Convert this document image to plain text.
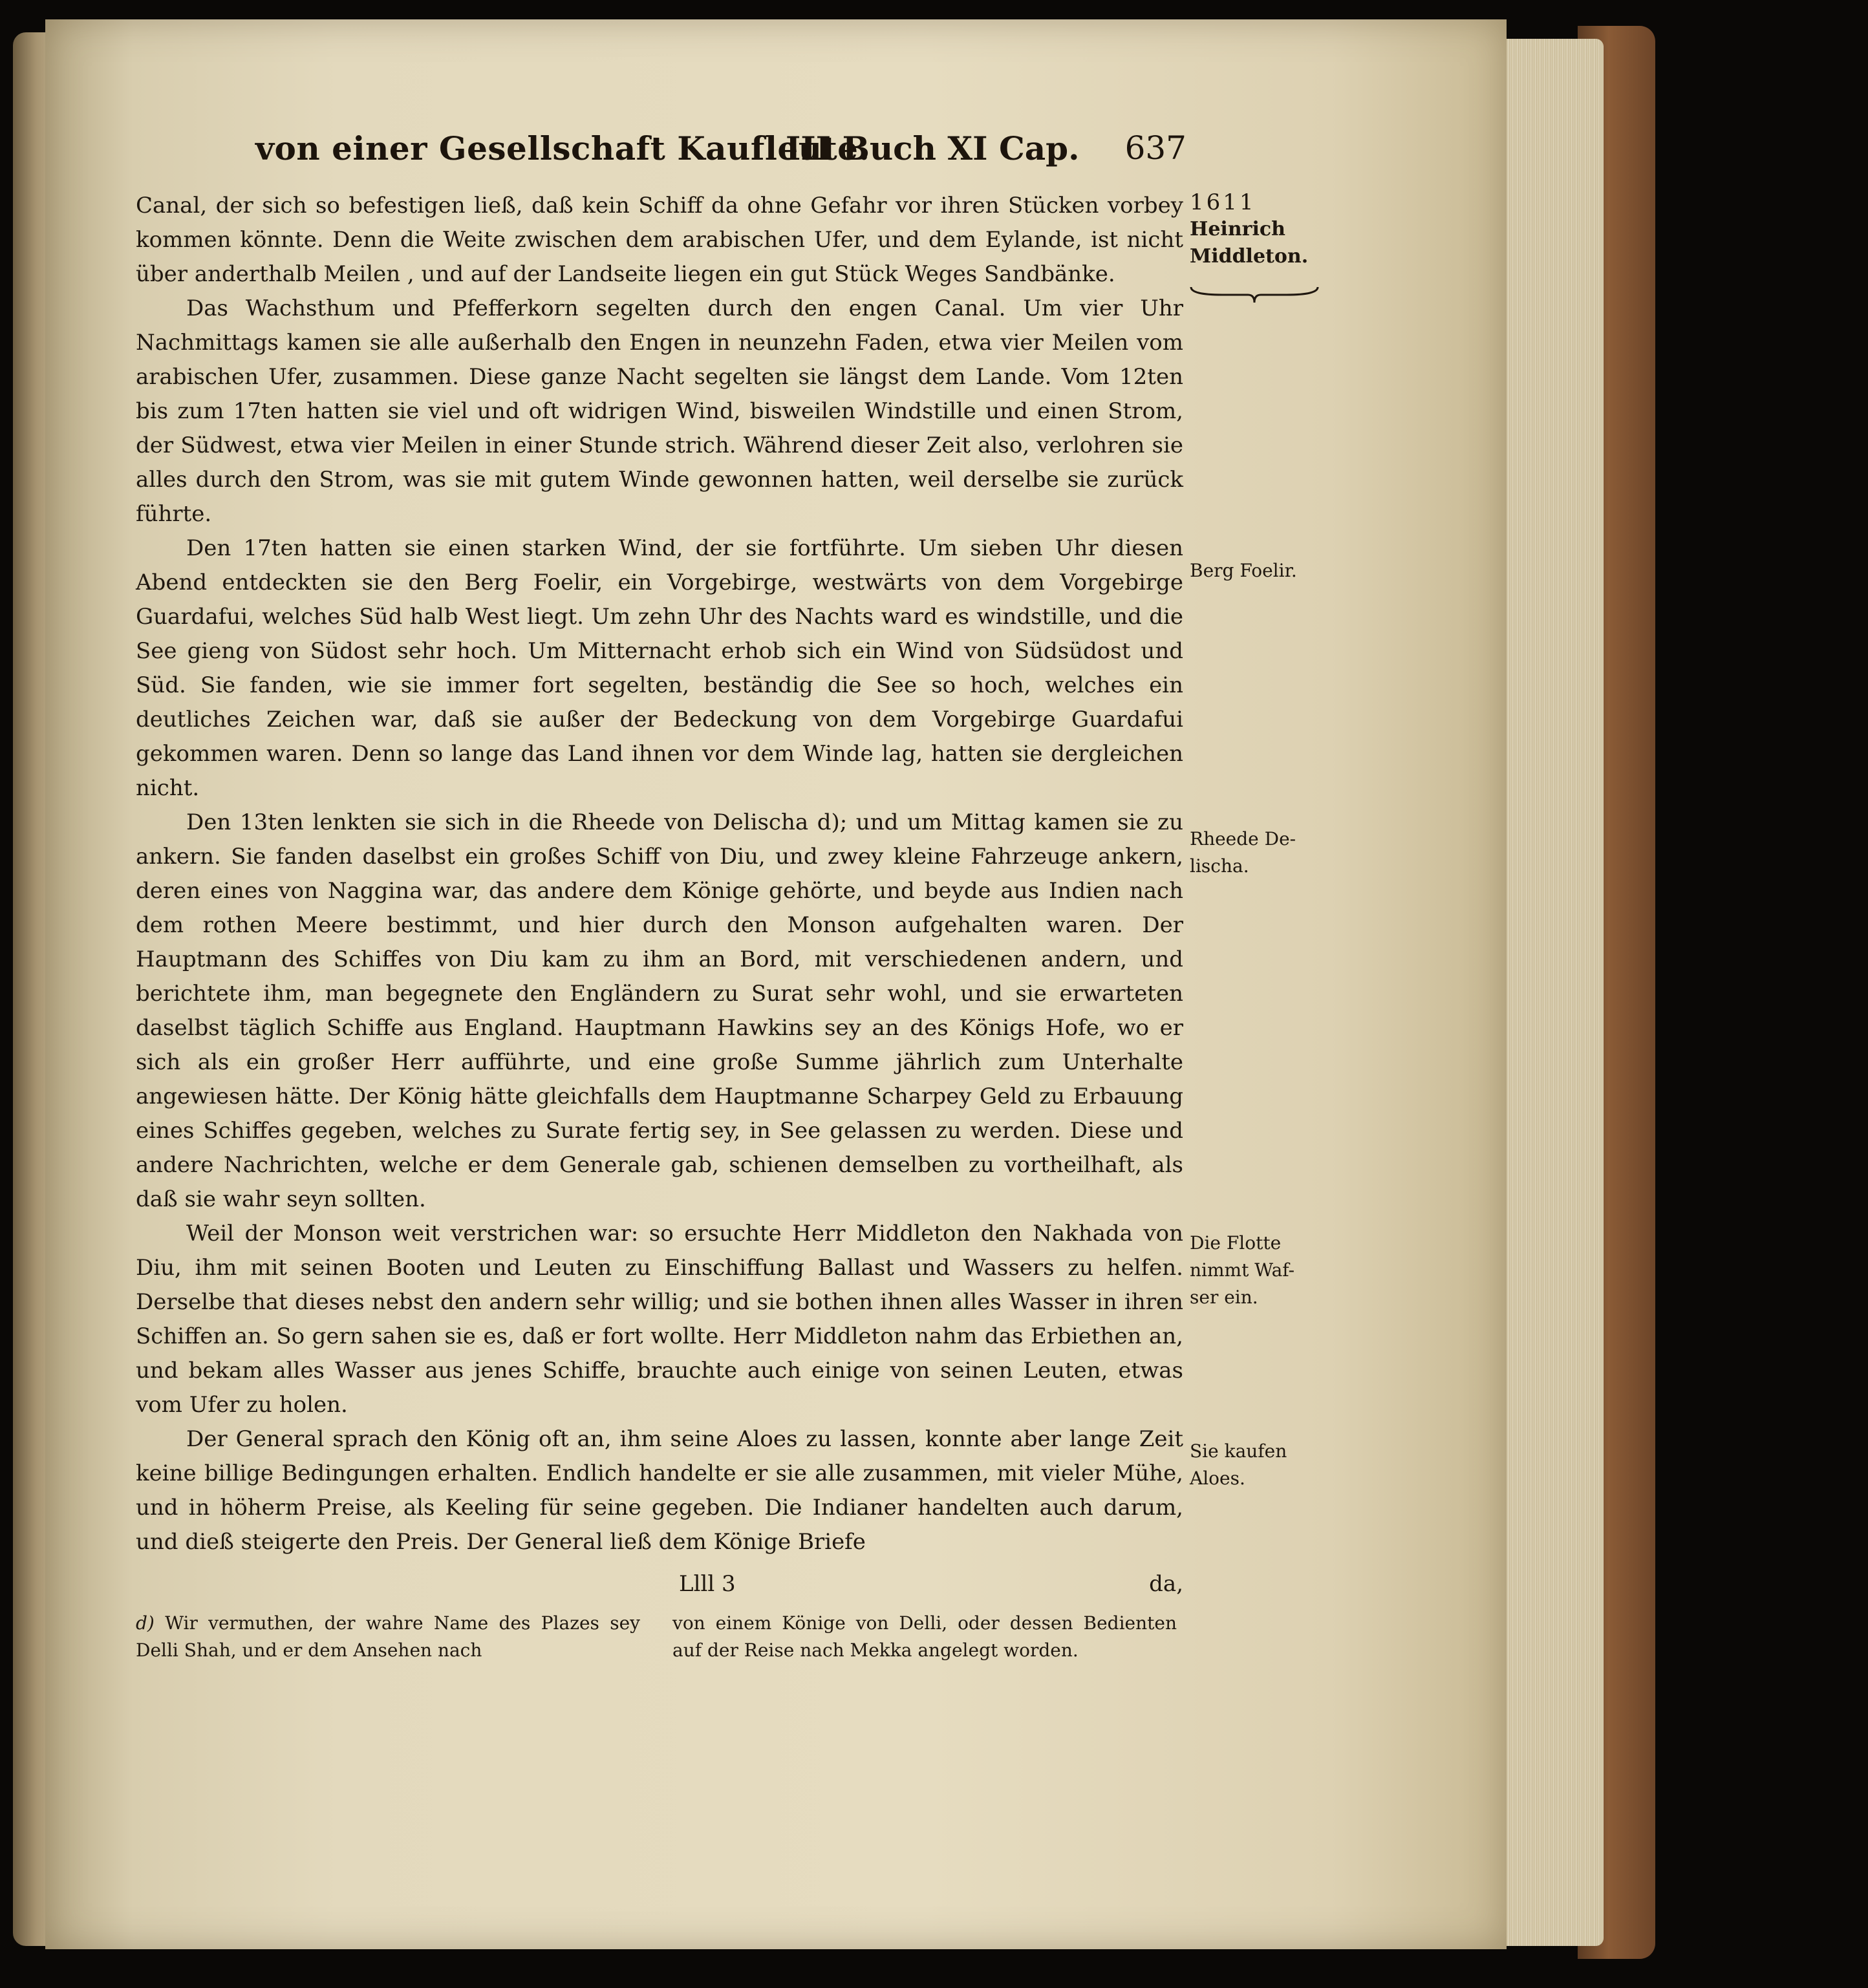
von einer Gesellschaft Kaufleute.
III Buch XI Cap. 637

Canal, der sich so befestigen ließ, daß kein Schiff da ohne Gefahr vor ihren Stücken vorbey kommen könnte. Denn die Weite zwischen dem arabischen Ufer, und dem Eylande, ist nicht über anderthalb Meilen , und auf der Landseite liegen ein gut Stück Weges Sandbänke.

Das Wachsthum und Pfefferkorn segelten durch den engen Canal. Um vier Uhr Nachmittags kamen sie alle außerhalb den Engen in neunzehn Faden, etwa vier Meilen vom arabischen Ufer, zusammen. Diese ganze Nacht segelten sie längst dem Lande. Vom 12ten bis zum 17ten hatten sie viel und oft widrigen Wind, bisweilen Windstille und einen Strom, der Südwest, etwa vier Meilen in einer Stunde strich. Während dieser Zeit also, verlohren sie alles durch den Strom, was sie mit gutem Winde gewonnen hatten, weil derselbe sie zurück führte.

Den 17ten hatten sie einen starken Wind, der sie fortführte. Um sieben Uhr diesen Abend entdeckten sie den Berg Foelir, ein Vorgebirge, westwärts von dem Vorgebirge Guardafui, welches Süd halb West liegt. Um zehn Uhr des Nachts ward es windstille, und die See gieng von Südost sehr hoch. Um Mitternacht erhob sich ein Wind von Südsüdost und Süd. Sie fanden, wie sie immer fort segelten, beständig die See so hoch, welches ein deutliches Zeichen war, daß sie außer der Bedeckung von dem Vorgebirge Guardafui gekommen waren. Denn so lange das Land ihnen vor dem Winde lag, hatten sie dergleichen nicht.

Den 13ten lenkten sie sich in die Rheede von Delischa d); und um Mittag kamen sie zu ankern. Sie fanden daselbst ein großes Schiff von Diu, und zwey kleine Fahrzeuge ankern, deren eines von Naggina war, das andere dem Könige gehörte, und beyde aus Indien nach dem rothen Meere bestimmt, und hier durch den Monson aufgehalten waren. Der Hauptmann des Schiffes von Diu kam zu ihm an Bord, mit verschiedenen andern, und berichtete ihm, man begegnete den Engländern zu Surat sehr wohl, und sie erwarteten daselbst täglich Schiffe aus England. Hauptmann Hawkins sey an des Königs Hofe, wo er sich als ein großer Herr aufführte, und eine große Summe jährlich zum Unterhalte angewiesen hätte. Der König hätte gleichfalls dem Hauptmanne Scharpey Geld zu Erbauung eines Schiffes gegeben, welches zu Surate fertig sey, in See gelassen zu werden. Diese und andere Nachrichten, welche er dem Generale gab, schienen demselben zu vortheilhaft, als daß sie wahr seyn sollten.

Weil der Monson weit verstrichen war: so ersuchte Herr Middleton den Nakhada von Diu, ihm mit seinen Booten und Leuten zu Einschiffung Ballast und Wassers zu helfen. Derselbe that dieses nebst den andern sehr willig; und sie bothen ihnen alles Wasser in ihren Schiffen an. So gern sahen sie es, daß er fort wollte. Herr Middleton nahm das Erbiethen an, und bekam alles Wasser aus jenes Schiffe, brauchte auch einige von seinen Leuten, etwas vom Ufer zu holen.

Der General sprach den König oft an, ihm seine Aloes zu lassen, konnte aber lange Zeit keine billige Bedingungen erhalten. Endlich handelte er sie alle zusammen, mit vieler Mühe, und in höherm Preise, als Keeling für seine gegeben. Die Indianer handelten auch darum, und dieß steigerte den Preis. Der General ließ dem Könige Briefe

1611
Heinrich
Middleton.
Berg Foelir.
Rheede De-
lischa.
Die Flotte
nimmt Waf-
ser ein.
Sie kaufen
Aloes.
Llll 3	da,
d) Wir vermuthen, der wahre Name des Plazes sey Delli Shah, und er dem Ansehen nach
von einem Könige von Delli, oder dessen Bedienten auf der Reise nach Mekka angelegt worden.
